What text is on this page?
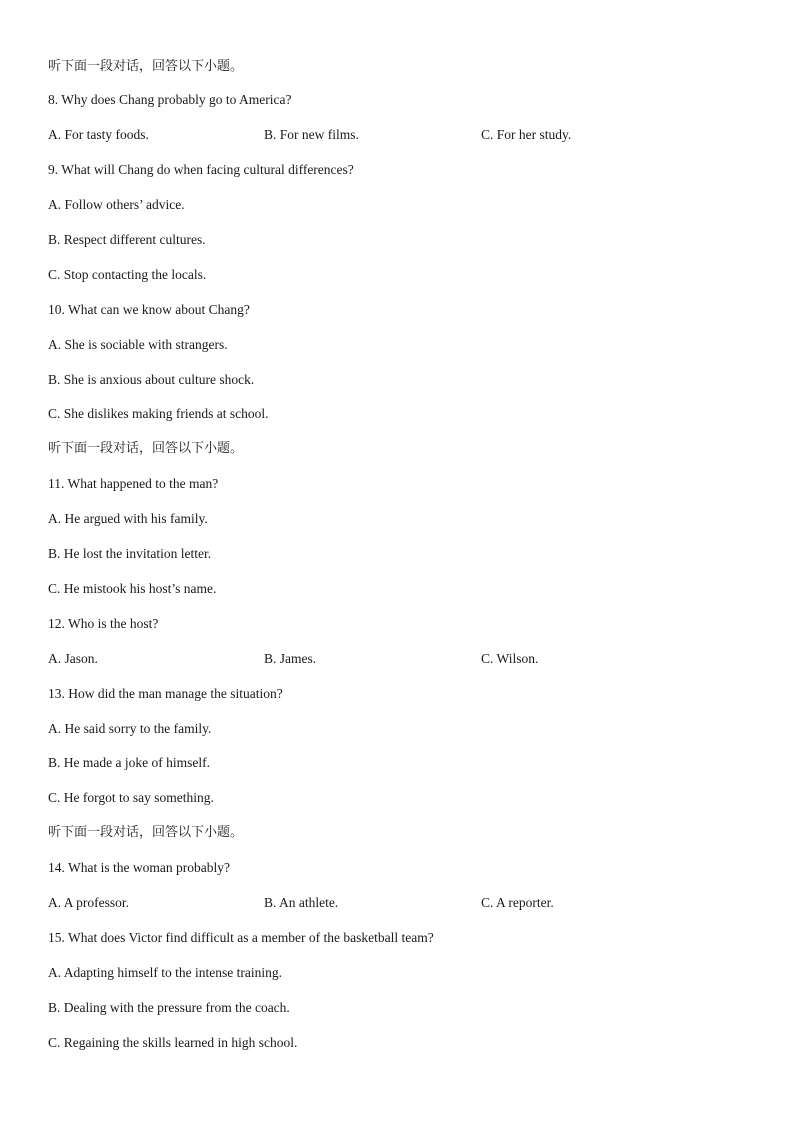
听下面一段对话，回答以下小题。
8. Why does Chang probably go to America?
A. For tasty foods.	B. For new films.	C. For her study.
9. What will Chang do when facing cultural differences?
A. Follow others’ advice.
B. Respect different cultures.
C. Stop contacting the locals.
10. What can we know about Chang?
A. She is sociable with strangers.
B. She is anxious about culture shock.
C. She dislikes making friends at school.
听下面一段对话，回答以下小题。
11. What happened to the man?
A. He argued with his family.
B. He lost the invitation letter.
C. He mistook his host’s name.
12. Who is the host?
A. Jason.	B. James.	C. Wilson.
13. How did the man manage the situation?
A. He said sorry to the family.
B. He made a joke of himself.
C. He forgot to say something.
听下面一段对话，回答以下小题。
14. What is the woman probably?
A. A professor.	B. An athlete.	C. A reporter.
15. What does Victor find difficult as a member of the basketball team?
A. Adapting himself to the intense training.
B. Dealing with the pressure from the coach.
C. Regaining the skills learned in high school.
